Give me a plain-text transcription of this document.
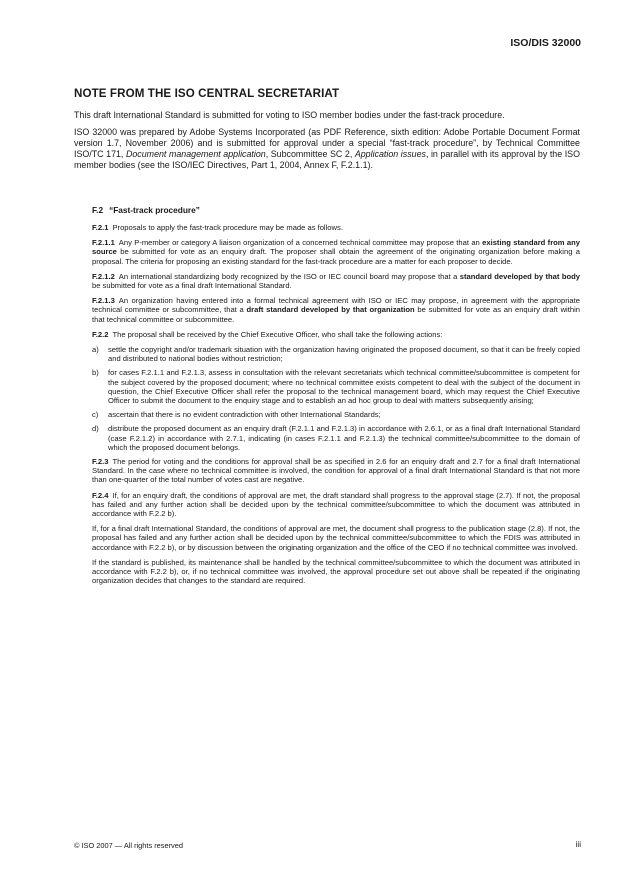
ISO/DIS 32000
NOTE FROM THE ISO CENTRAL SECRETARIAT

This draft International Standard is submitted for voting to ISO member bodies under the fast-track procedure.

ISO 32000 was prepared by Adobe Systems Incorporated (as PDF Reference, sixth edition: Adobe Portable Document Format version 1.7, November 2006) and is submitted for approval under a special “fast-track procedure”, by Technical Committee ISO/TC 171, Document management application, Subcommittee SC 2, Application issues, in parallel with its approval by the ISO member bodies (see the ISO/IEC Directives, Part 1, 2004, Annex F, F.2.1.1).

F.2 “Fast-track procedure”

F.2.1 Proposals to apply the fast-track procedure may be made as follows.

F.2.1.1 Any P-member or category A liaison organization of a concerned technical committee may propose that an existing standard from any source be submitted for vote as an enquiry draft. The proposer shall obtain the agreement of the originating organization before making a proposal. The criteria for proposing an existing standard for the fast-track procedure are a matter for each proposer to decide.

F.2.1.2 An international standardizing body recognized by the ISO or IEC council board may propose that a standard developed by that body be submitted for vote as a final draft International Standard.

F.2.1.3 An organization having entered into a formal technical agreement with ISO or IEC may propose, in agreement with the appropriate technical committee or subcommittee, that a draft standard developed by that organization be submitted for vote as an enquiry draft within that technical committee or subcommittee.

F.2.2 The proposal shall be received by the Chief Executive Officer, who shall take the following actions:

a)	settle the copyright and/or trademark situation with the organization having originated the proposed document, so that it can be freely copied and distributed to national bodies without restriction;
b)	for cases F.2.1.1 and F.2.1.3, assess in consultation with the relevant secretariats which technical committee/subcommittee is competent for the subject covered by the proposed document; where no technical committee exists competent to deal with the subject of the document in question, the Chief Executive Officer shall refer the proposal to the technical management board, which may request the Chief Executive Officer to submit the document to the enquiry stage and to establish an ad hoc group to deal with matters subsequently arising;
c)	ascertain that there is no evident contradiction with other International Standards;
d)	distribute the proposed document as an enquiry draft (F.2.1.1 and F.2.1.3) in accordance with 2.6.1, or as a final draft International Standard (case F.2.1.2) in accordance with 2.7.1, indicating (in cases F.2.1.1 and F.2.1.3) the technical committee/subcommittee to the domain of which the proposed document belongs.

F.2.3 The period for voting and the conditions for approval shall be as specified in 2.6 for an enquiry draft and 2.7 for a final draft International Standard. In the case where no technical committee is involved, the condition for approval of a final draft International Standard is that not more than one-quarter of the total number of votes cast are negative.

F.2.4 If, for an enquiry draft, the conditions of approval are met, the draft standard shall progress to the approval stage (2.7). If not, the proposal has failed and any further action shall be decided upon by the technical committee/subcommittee to which the document was attributed in accordance with F.2.2 b).

If, for a final draft International Standard, the conditions of approval are met, the document shall progress to the publication stage (2.8). If not, the proposal has failed and any further action shall be decided upon by the technical committee/subcommittee to which the FDIS was attributed in accordance with F.2.2 b), or by discussion between the originating organization and the office of the CEO if no technical committee was involved.

If the standard is published, its maintenance shall be handled by the technical committee/subcommittee to which the document was attributed in accordance with F.2.2 b), or, if no technical committee was involved, the approval procedure set out above shall be repeated if the originating organization decides that changes to the standard are required.

© ISO 2007 — All rights reserved	iii
